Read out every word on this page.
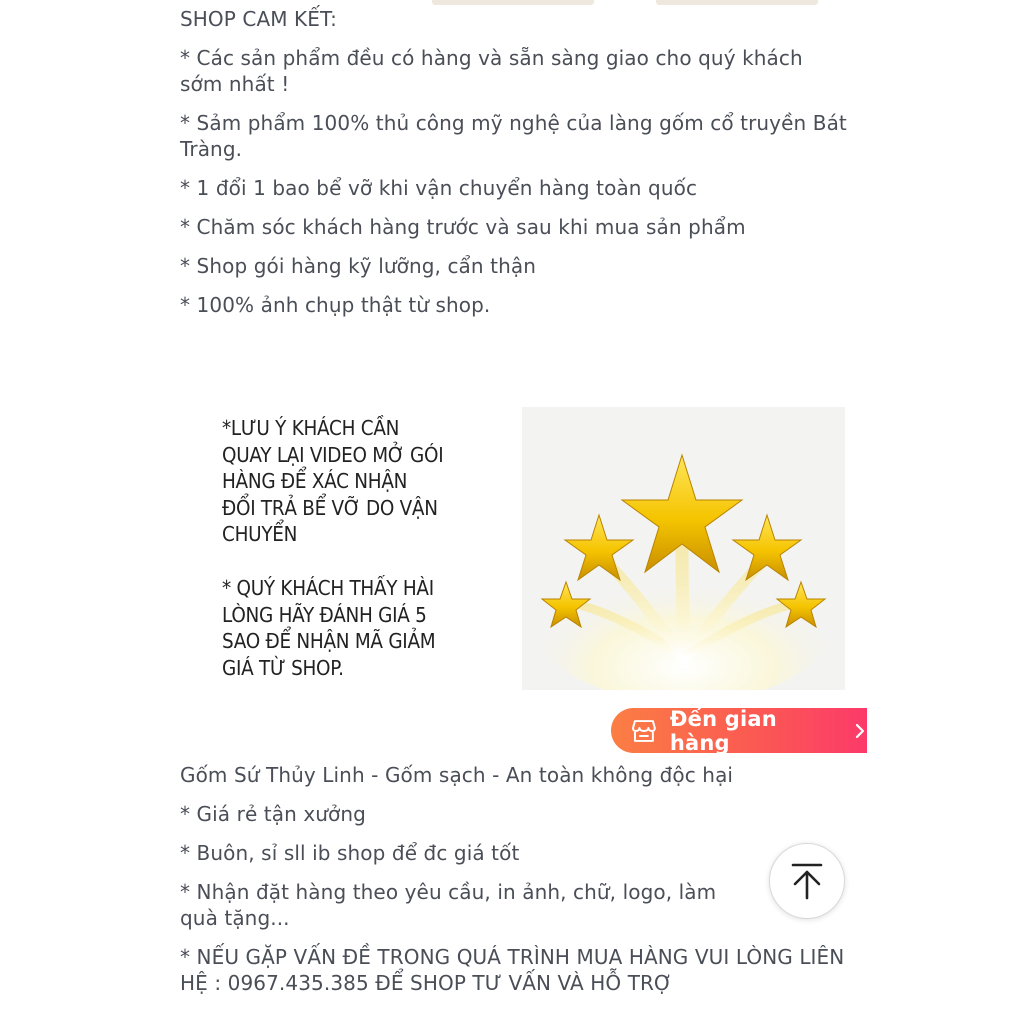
SHOP CAM KẾT:

* Các sản phẩm đều có hàng và sẵn sàng giao cho quý khách sớm nhất !

* Sảm phẩm 100% thủ công mỹ nghệ của làng gốm cổ truyền Bát Tràng.

* 1 đổi 1 bao bể vỡ khi vận chuyển hàng toàn quốc

* Chăm sóc khách hàng trước và sau khi mua sản phẩm

* Shop gói hàng kỹ lưỡng, cẩn thận

* 100% ảnh chụp thật từ shop.

*LƯU Ý KHÁCH CẦN
QUAY LẠI VIDEO MỞ GÓI
HÀNG ĐỂ XÁC NHẬN
ĐỔI TRẢ BỂ VỠ DO VẬN
CHUYỂN
* QUÝ KHÁCH THẤY HÀI
LÒNG HÃY ĐÁNH GIÁ 5
SAO ĐỂ NHẬN MÃ GIẢM
GIÁ TỪ SHOP.
Đến gian hàng

Gốm Sứ Thủy Linh - Gốm sạch - An toàn không độc hại

* Giá rẻ tận xưởng

* Buôn, sỉ sll ib shop để đc giá tốt

* Nhận đặt hàng theo yêu cầu, in ảnh, chữ, logo, làm quà tặng...

* NẾU GẶP VẤN ĐỀ TRONG QUÁ TRÌNH MUA HÀNG VUI LÒNG LIÊN HỆ : 0967.435.385 ĐỂ SHOP TƯ VẤN VÀ HỖ TRỢ
